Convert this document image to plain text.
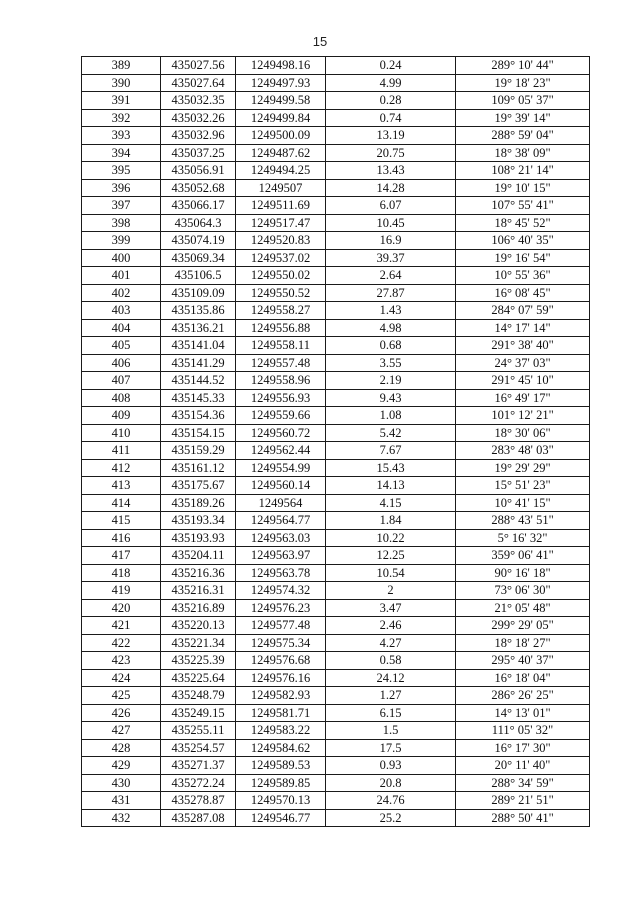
15
389	435027.56	1249498.16	0.24	289° 10' 44"
390	435027.64	1249497.93	4.99	19° 18' 23"
391	435032.35	1249499.58	0.28	109° 05' 37"
392	435032.26	1249499.84	0.74	19° 39' 14"
393	435032.96	1249500.09	13.19	288° 59' 04"
394	435037.25	1249487.62	20.75	18° 38' 09"
395	435056.91	1249494.25	13.43	108° 21' 14"
396	435052.68	1249507	14.28	19° 10' 15"
397	435066.17	1249511.69	6.07	107° 55' 41"
398	435064.3	1249517.47	10.45	18° 45' 52"
399	435074.19	1249520.83	16.9	106° 40' 35"
400	435069.34	1249537.02	39.37	19° 16' 54"
401	435106.5	1249550.02	2.64	10° 55' 36"
402	435109.09	1249550.52	27.87	16° 08' 45"
403	435135.86	1249558.27	1.43	284° 07' 59"
404	435136.21	1249556.88	4.98	14° 17' 14"
405	435141.04	1249558.11	0.68	291° 38' 40"
406	435141.29	1249557.48	3.55	24° 37' 03"
407	435144.52	1249558.96	2.19	291° 45' 10"
408	435145.33	1249556.93	9.43	16° 49' 17"
409	435154.36	1249559.66	1.08	101° 12' 21"
410	435154.15	1249560.72	5.42	18° 30' 06"
411	435159.29	1249562.44	7.67	283° 48' 03"
412	435161.12	1249554.99	15.43	19° 29' 29"
413	435175.67	1249560.14	14.13	15° 51' 23"
414	435189.26	1249564	4.15	10° 41' 15"
415	435193.34	1249564.77	1.84	288° 43' 51"
416	435193.93	1249563.03	10.22	5° 16' 32"
417	435204.11	1249563.97	12.25	359° 06' 41"
418	435216.36	1249563.78	10.54	90° 16' 18"
419	435216.31	1249574.32	2	73° 06' 30"
420	435216.89	1249576.23	3.47	21° 05' 48"
421	435220.13	1249577.48	2.46	299° 29' 05"
422	435221.34	1249575.34	4.27	18° 18' 27"
423	435225.39	1249576.68	0.58	295° 40' 37"
424	435225.64	1249576.16	24.12	16° 18' 04"
425	435248.79	1249582.93	1.27	286° 26' 25"
426	435249.15	1249581.71	6.15	14° 13' 01"
427	435255.11	1249583.22	1.5	111° 05' 32"
428	435254.57	1249584.62	17.5	16° 17' 30"
429	435271.37	1249589.53	0.93	20° 11' 40"
430	435272.24	1249589.85	20.8	288° 34' 59"
431	435278.87	1249570.13	24.76	289° 21' 51"
432	435287.08	1249546.77	25.2	288° 50' 41"
